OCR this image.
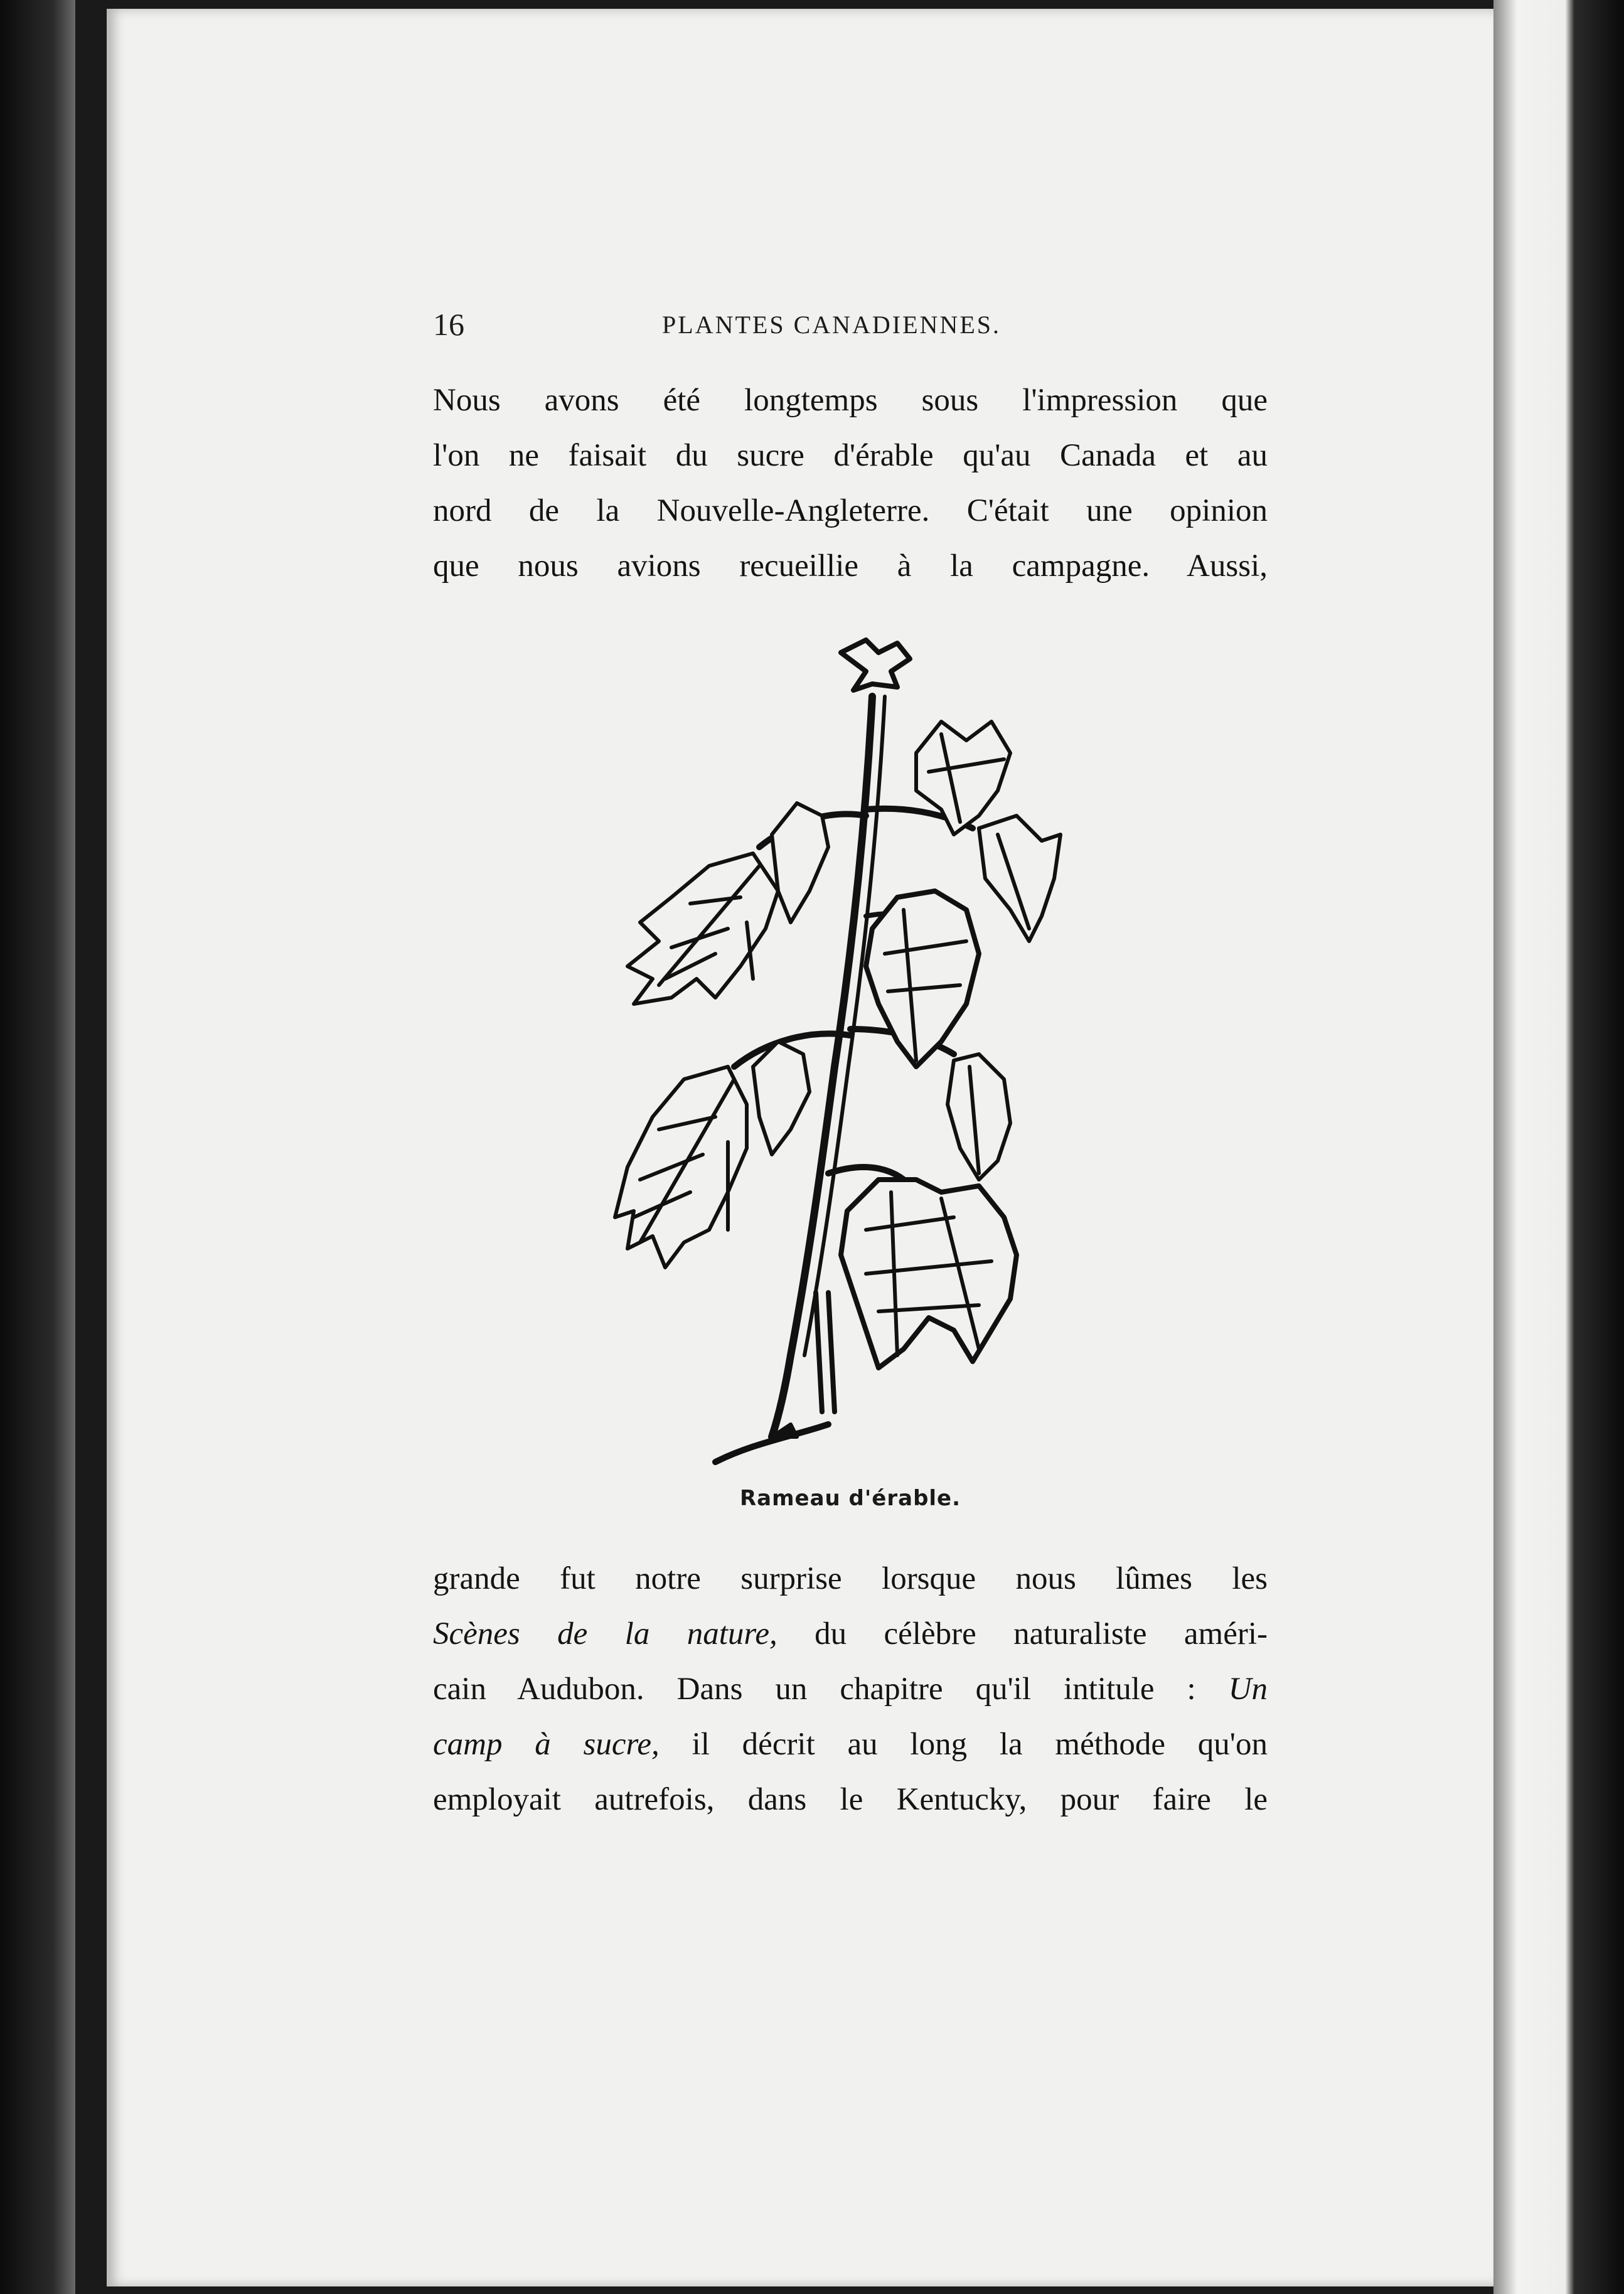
16	PLANTES CANADIENNES.
Nous avons été longtemps sous l'impression que
l'on ne faisait du sucre d'érable qu'au Canada et au
nord de la Nouvelle-Angleterre. C'était une opinion
que nous avions recueillie à la campagne. Aussi,
Rameau d'érable.
grande fut notre surprise lorsque nous lûmes les
Scènes de la nature, du célèbre naturaliste améri-
cain Audubon. Dans un chapitre qu'il intitule : Un
camp à sucre, il décrit au long la méthode qu'on
employait autrefois, dans le Kentucky, pour faire le
